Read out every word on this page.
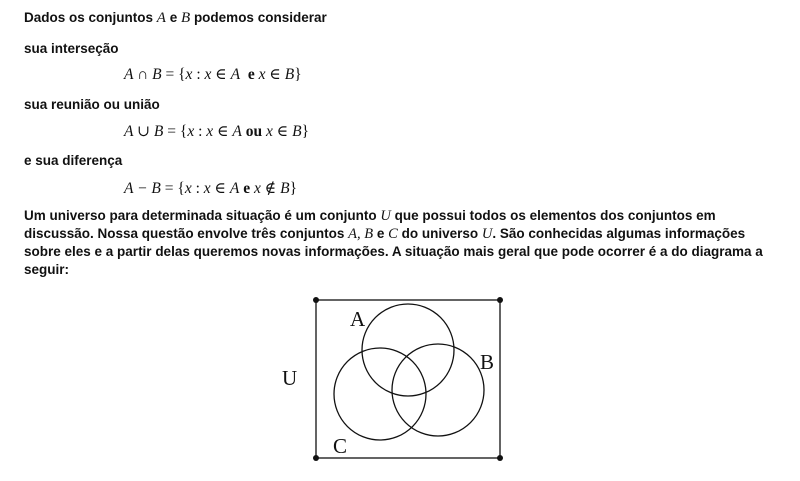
Dados os conjuntos A e B podemos considerar
sua interseção
A ∩ B = {x : x ∈ A  e x ∈ B}
sua reunião ou união
A ∪ B = {x : x ∈ A ou x ∈ B}
e sua diferença
A − B = {x : x ∈ A e x ∉ B}
Um universo para determinada situação é um conjunto U que possui todos os elementos dos conjuntos em discussão. Nossa questão envolve três conjuntos A, B e C do universo U. São conhecidas algumas informações sobre eles e a partir delas queremos novas informações. A situação mais geral que pode ocorrer é a do diagrama a seguir:
U
A
B
C
